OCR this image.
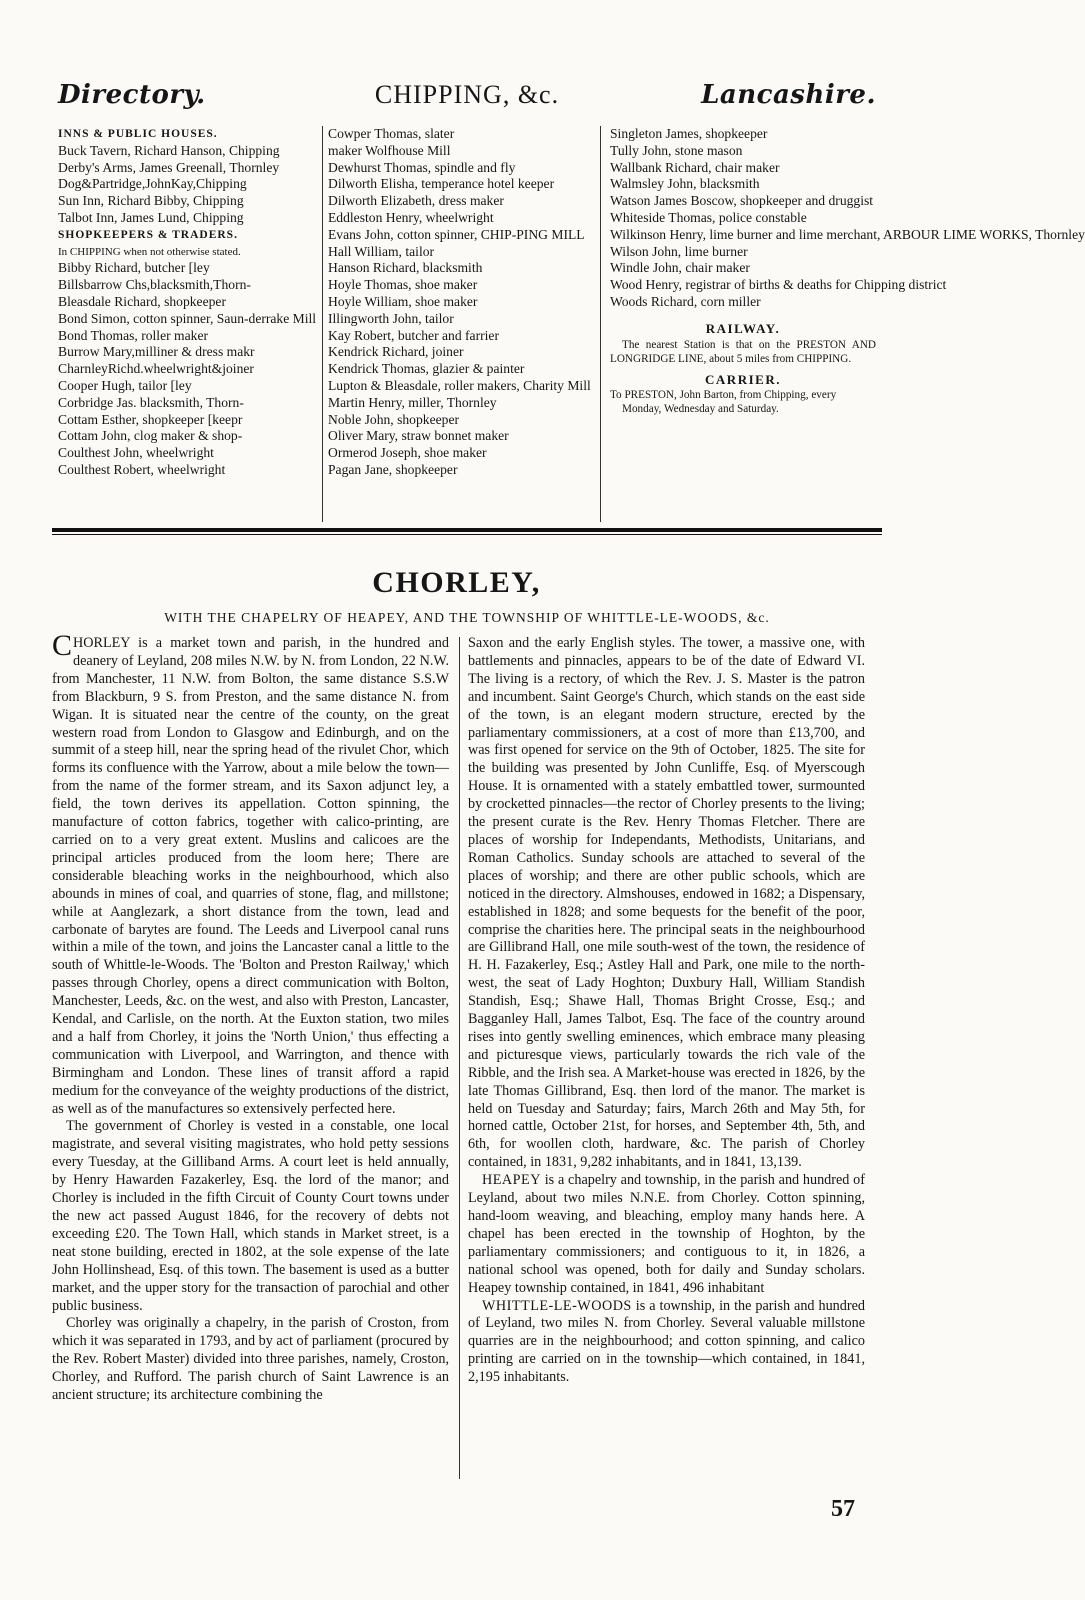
Directory.	CHIPPING, &c.	Lancashire.
INNS & PUBLIC HOUSES.
Buck Tavern, Richard Hanson, Chipping
Derby's Arms, James Greenall, Thornley
Dog&Partridge,JohnKay,Chipping
Sun Inn, Richard Bibby, Chipping
Talbot Inn, James Lund, Chipping
SHOPKEEPERS & TRADERS.
In CHIPPING when not otherwise stated.
Bibby Richard, butcher [ley
Billsbarrow Chs,blacksmith,Thorn-
Bleasdale Richard, shopkeeper
Bond Simon, cotton spinner, Saun-derrake Mill
Bond Thomas, roller maker
Burrow Mary,milliner & dress makr
CharnleyRichd.wheelwright&joiner
Cooper Hugh, tailor [ley
Corbridge Jas. blacksmith, Thorn-
Cottam Esther, shopkeeper [keepr
Cottam John, clog maker & shop-
Coulthest John, wheelwright
Coulthest Robert, wheelwright
Cowper Thomas, slater
maker Wolfhouse Mill
Dewhurst Thomas, spindle and fly
Dilworth Elisha, temperance hotel keeper
Dilworth Elizabeth, dress maker
Eddleston Henry, wheelwright
Evans John, cotton spinner, CHIP-PING MILL
Hall William, tailor
Hanson Richard, blacksmith
Hoyle Thomas, shoe maker
Hoyle William, shoe maker
Illingworth John, tailor
Kay Robert, butcher and farrier
Kendrick Richard, joiner
Kendrick Thomas, glazier & painter
Lupton & Bleasdale, roller makers, Charity Mill
Martin Henry, miller, Thornley
Noble John, shopkeeper
Oliver Mary, straw bonnet maker
Ormerod Joseph, shoe maker
Pagan Jane, shopkeeper
Singleton James, shopkeeper
Tully John, stone mason
Wallbank Richard, chair maker
Walmsley John, blacksmith
Watson James Boscow, shopkeeper and druggist
Whiteside Thomas, police constable
Wilkinson Henry, lime burner and lime merchant, ARBOUR LIME WORKS, Thornley
Wilson John, lime burner
Windle John, chair maker
Wood Henry, registrar of births & deaths for Chipping district
Woods Richard, corn miller
RAILWAY.
The nearest Station is that on the PRESTON AND LONGRIDGE LINE, about 5 miles from CHIPPING.
CARRIER.
To PRESTON, John Barton, from Chipping, every Monday, Wednesday and Saturday.
CHORLEY,
WITH THE CHAPELRY OF HEAPEY, AND THE TOWNSHIP OF WHITTLE-LE-WOODS, &c.

CHORLEY is a market town and parish, in the hundred and deanery of Leyland, 208 miles N.W. by N. from London, 22 N.W. from Manchester, 11 N.W. from Bolton, the same distance S.S.W from Blackburn, 9 S. from Preston, and the same distance N. from Wigan. It is situated near the centre of the county, on the great western road from London to Glasgow and Edinburgh, and on the summit of a steep hill, near the spring head of the rivulet Chor, which forms its confluence with the Yarrow, about a mile below the town—from the name of the former stream, and its Saxon adjunct ley, a field, the town derives its appellation. Cotton spinning, the manufacture of cotton fabrics, together with calico-printing, are carried on to a very great extent. Muslins and calicoes are the principal articles produced from the loom here; There are considerable bleaching works in the neighbourhood, which also abounds in mines of coal, and quarries of stone, flag, and millstone; while at Aanglezark, a short distance from the town, lead and carbonate of barytes are found. The Leeds and Liverpool canal runs within a mile of the town, and joins the Lancaster canal a little to the south of Whittle-le-Woods. The 'Bolton and Preston Railway,' which passes through Chorley, opens a direct communication with Bolton, Manchester, Leeds, &c. on the west, and also with Preston, Lancaster, Kendal, and Carlisle, on the north. At the Euxton station, two miles and a half from Chorley, it joins the 'North Union,' thus effecting a communication with Liverpool, and Warrington, and thence with Birmingham and London. These lines of transit afford a rapid medium for the conveyance of the weighty productions of the district, as well as of the manufactures so extensively perfected here.

The government of Chorley is vested in a constable, one local magistrate, and several visiting magistrates, who hold petty sessions every Tuesday, at the Gilliband Arms. A court leet is held annually, by Henry Hawarden Fazakerley, Esq. the lord of the manor; and Chorley is included in the fifth Circuit of County Court towns under the new act passed August 1846, for the recovery of debts not exceeding £20. The Town Hall, which stands in Market street, is a neat stone building, erected in 1802, at the sole expense of the late John Hollinshead, Esq. of this town. The basement is used as a butter market, and the upper story for the transaction of parochial and other public business.

Chorley was originally a chapelry, in the parish of Croston, from which it was separated in 1793, and by act of parliament (procured by the Rev. Robert Master) divided into three parishes, namely, Croston, Chorley, and Rufford. The parish church of Saint Lawrence is an ancient structure; its architecture combining the

Saxon and the early English styles. The tower, a massive one, with battlements and pinnacles, appears to be of the date of Edward VI. The living is a rectory, of which the Rev. J. S. Master is the patron and incumbent. Saint George's Church, which stands on the east side of the town, is an elegant modern structure, erected by the parliamentary commissioners, at a cost of more than £13,700, and was first opened for service on the 9th of October, 1825. The site for the building was presented by John Cunliffe, Esq. of Myerscough House. It is ornamented with a stately embattled tower, surmounted by crocketted pinnacles—the rector of Chorley presents to the living; the present curate is the Rev. Henry Thomas Fletcher. There are places of worship for Independants, Methodists, Unitarians, and Roman Catholics. Sunday schools are attached to several of the places of worship; and there are other public schools, which are noticed in the directory. Almshouses, endowed in 1682; a Dispensary, established in 1828; and some bequests for the benefit of the poor, comprise the charities here. The principal seats in the neighbourhood are Gillibrand Hall, one mile south-west of the town, the residence of H. H. Fazakerley, Esq.; Astley Hall and Park, one mile to the north-west, the seat of Lady Hoghton; Duxbury Hall, William Standish Standish, Esq.; Shawe Hall, Thomas Bright Crosse, Esq.; and Bagganley Hall, James Talbot, Esq. The face of the country around rises into gently swelling eminences, which embrace many pleasing and picturesque views, particularly towards the rich vale of the Ribble, and the Irish sea. A Market-house was erected in 1826, by the late Thomas Gillibrand, Esq. then lord of the manor. The market is held on Tuesday and Saturday; fairs, March 26th and May 5th, for horned cattle, October 21st, for horses, and September 4th, 5th, and 6th, for woollen cloth, hardware, &c. The parish of Chorley contained, in 1831, 9,282 inhabitants, and in 1841, 13,139.

HEAPEY is a chapelry and township, in the parish and hundred of Leyland, about two miles N.N.E. from Chorley. Cotton spinning, hand-loom weaving, and bleaching, employ many hands here. A chapel has been erected in the township of Hoghton, by the parliamentary commissioners; and contiguous to it, in 1826, a national school was opened, both for daily and Sunday scholars. Heapey township contained, in 1841, 496 inhabitant

WHITTLE-LE-WOODS is a township, in the parish and hundred of Leyland, two miles N. from Chorley. Several valuable millstone quarries are in the neighbourhood; and cotton spinning, and calico printing are carried on in the township—which contained, in 1841, 2,195 inhabitants.

57
